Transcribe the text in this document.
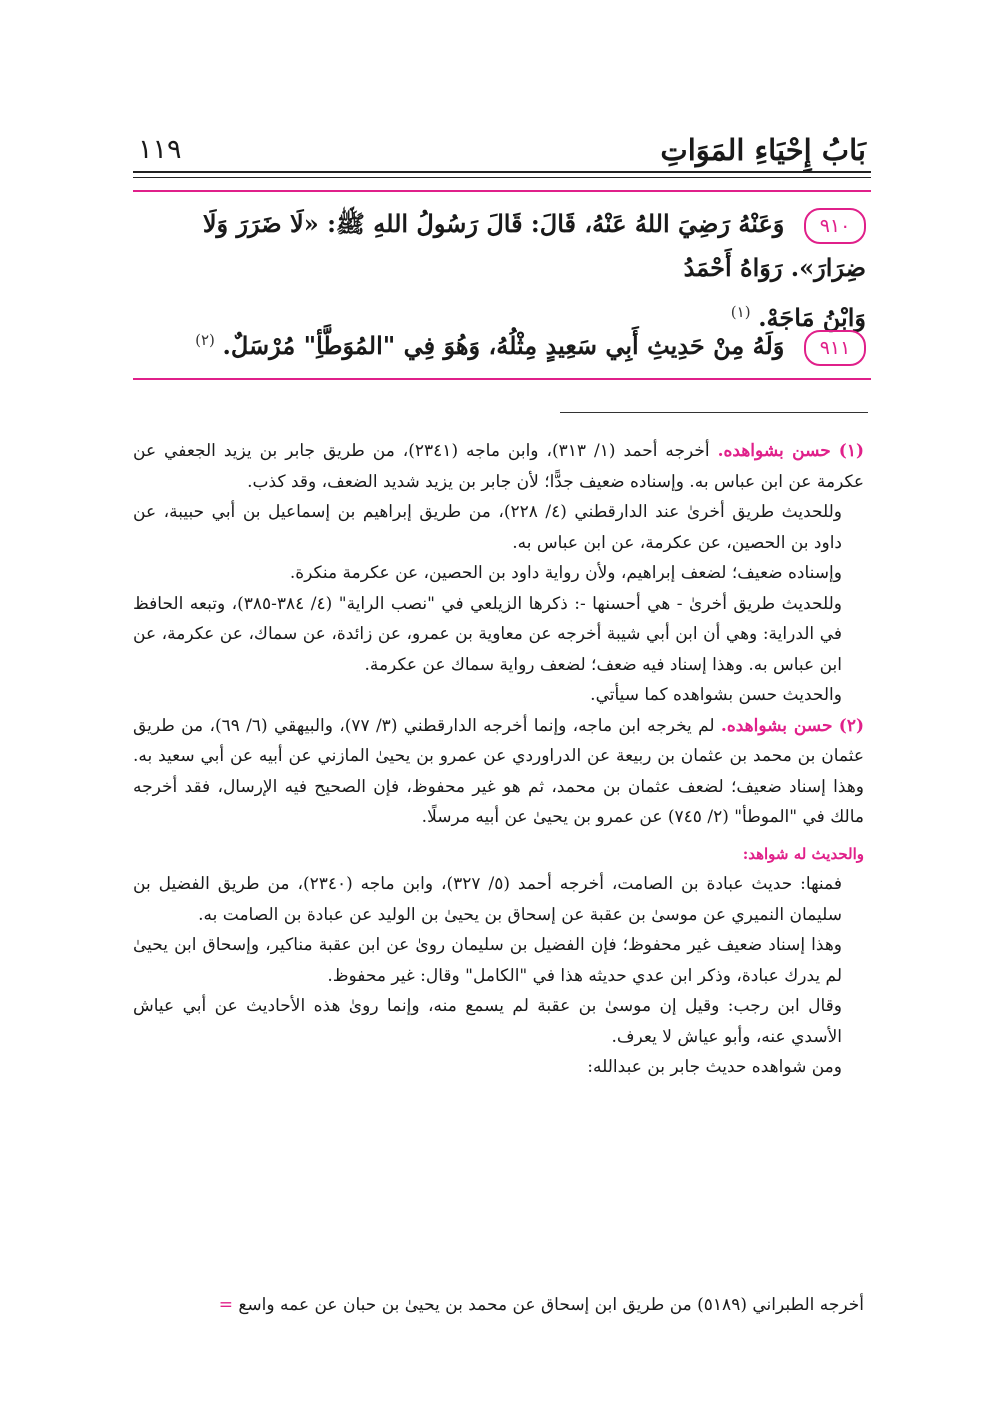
بَابُ إِحْيَاءِ المَوَاتِ
١١٩
٩١٠ وَعَنْهُ رَضِيَ اللهُ عَنْهُ، قَالَ: قَالَ رَسُولُ اللهِ ﷺ: «لَا ضَرَرَ وَلَا ضِرَارَ». رَوَاهُ أَحْمَدُ
وَابْنُ مَاجَهْ. $^{(١)}$
٩١١ وَلَهُ مِنْ حَدِيثِ أَبِي سَعِيدٍ مِثْلُهُ، وَهُوَ فِي "المُوَطَّأِ" مُرْسَلٌ. $^{(٢)}$

(١) حسن بشواهده. أخرجه أحمد (١/ ٣١٣)، وابن ماجه (٢٣٤١)، من طريق جابر بن يزيد الجعفي عن عكرمة عن ابن عباس به. وإسناده ضعيف جدًّا؛ لأن جابر بن يزيد شديد الضعف، وقد كذب.

وللحديث طريق أخرىٰ عند الدارقطني (٤/ ٢٢٨)، من طريق إبراهيم بن إسماعيل بن أبي حبيبة، عن داود بن الحصين، عن عكرمة، عن ابن عباس به.

وإسناده ضعيف؛ لضعف إبراهيم، ولأن رواية داود بن الحصين، عن عكرمة منكرة.

وللحديث طريق أخرىٰ - هي أحسنها -: ذكرها الزيلعي في "نصب الراية" (٤/ ٣٨٤-٣٨٥)، وتبعه الحافظ في الدراية: وهي أن ابن أبي شيبة أخرجه عن معاوية بن عمرو، عن زائدة، عن سماك، عن عكرمة، عن ابن عباس به. وهذا إسناد فيه ضعف؛ لضعف رواية سماك عن عكرمة.

والحديث حسن بشواهده كما سيأتي.

(٢) حسن بشواهده. لم يخرجه ابن ماجه، وإنما أخرجه الدارقطني (٣/ ٧٧)، والبيهقي (٦/ ٦٩)، من طريق عثمان بن محمد بن عثمان بن ربيعة عن الدراوردي عن عمرو بن يحيىٰ المازني عن أبيه عن أبي سعيد به. وهذا إسناد ضعيف؛ لضعف عثمان بن محمد، ثم هو غير محفوظ، فإن الصحيح فيه الإرسال، فقد أخرجه مالك في "الموطأ" (٢/ ٧٤٥) عن عمرو بن يحيىٰ عن أبيه مرسلًا.

والحديث له شواهد:

فمنها: حديث عبادة بن الصامت، أخرجه أحمد (٥/ ٣٢٧)، وابن ماجه (٢٣٤٠)، من طريق الفضيل بن سليمان النميري عن موسىٰ بن عقبة عن إسحاق بن يحيىٰ بن الوليد عن عبادة بن الصامت به.

وهذا إسناد ضعيف غير محفوظ؛ فإن الفضيل بن سليمان روىٰ عن ابن عقبة مناكير، وإسحاق ابن يحيىٰ لم يدرك عبادة، وذكر ابن عدي حديثه هذا في "الكامل" وقال: غير محفوظ.

وقال ابن رجب: وقيل إن موسىٰ بن عقبة لم يسمع منه، وإنما روىٰ هذه الأحاديث عن أبي عياش الأسدي عنه، وأبو عياش لا يعرف.

ومن شواهده حديث جابر بن عبدالله:

أخرجه الطبراني (٥١٨٩) من طريق ابن إسحاق عن محمد بن يحيىٰ بن حبان عن عمه واسع =
